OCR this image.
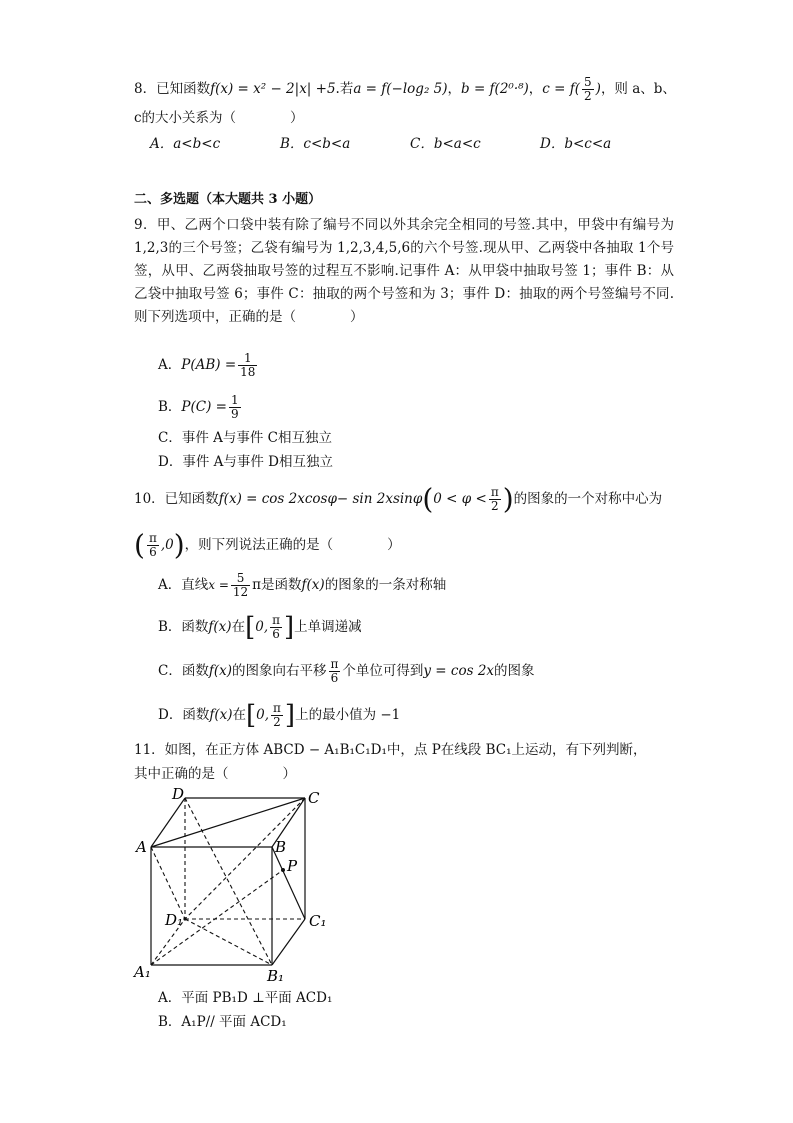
8．已知函数f(x) = x² − 2|x| +5.若a = f(−log₂ 5)，b = f(2⁰·⁸)，$c = f( \frac{5}{2}$ )，则 a、b、
c的大小关系为（　　　　）
A．a<b<c	B．c<b<a	C．b<a<c	D．b<c<a
二、多选题（本大题共 3 小题）
9．甲、乙两个口袋中装有除了编号不同以外其余完全相同的号签.其中，甲袋中有编号为 1,2,3的三个号签；乙袋有编号为 1,2,3,4,5,6的六个号签.现从甲、乙两袋中各抽取 1个号签，从甲、乙两袋抽取号签的过程互不影响.记事件 A：从甲袋中抽取号签 1；事件 B：从乙袋中抽取号签 6；事件 C：抽取的两个号签和为 3；事件 D：抽取的两个号签编号不同.则下列选项中，正确的是（　　　　）
A．$P(AB) = \frac{1}{18}$
B．$P(C) = \frac{1}{9}$
C．事件 A与事件 C相互独立
D．事件 A与事件 D相互独立
10．已知函数$f(x) = \cos 2xcos\varphi- \sin 2xsin\varphi(0 < \varphi < \frac{\pi}{2}$ )的图象的一个对称中心为
( $\frac{\pi}{6} ,0$)，则下列说法正确的是（　　　　）
A．直线$x = \frac{5}{12}$ π是函数f(x)的图象的一条对称轴
B．函数f(x)在[0, $\frac{\pi}{6}$ ]上单调递减
C．函数f(x)的图象向右平移 $\frac{\pi}{6}$ 个单位可得到y = cos 2x的图象
D．函数f(x)在[0, $\frac{\pi}{2}$ ]上的最小值为 −1
11．如图，在正方体 ABCD − A₁B₁C₁D₁中，点 P在线段 BC₁上运动，有下列判断，
其中正确的是（　　　　）
D	C
A	B
P
D₁	C₁
A₁	B₁
A．平面 PB₁D ⊥平面 ACD₁
B．A₁P// 平面 ACD₁
